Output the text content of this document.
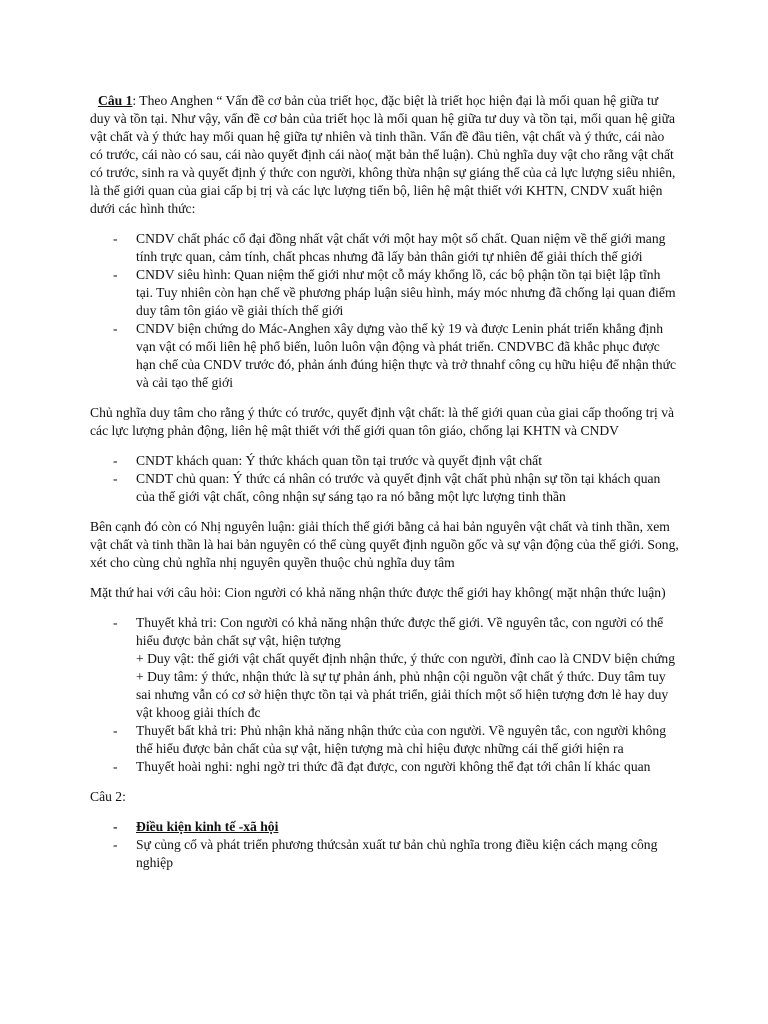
Câu 1: Theo Anghen “ Vấn đề cơ bản của triết học, đặc biệt là triết học hiện đại là mối quan hệ giữa tư duy và tồn tại. Như vậy, vấn đề cơ bản của triết học là mối quan hệ giữa tư duy và tồn tại, mối quan hệ giữa vật chất và ý thức hay mối quan hệ giữa tự nhiên và tinh thần. Vấn đề đầu tiên, vật chất và ý thức, cái nào có trước, cái nào có sau, cái nào quyết định cái nào( mặt bản thể luận). Chủ nghĩa duy vật cho rằng vật chất có trước, sinh ra và quyết định ý thức con người, không thừa nhận sự giáng thế của cả lực lượng siêu nhiên, là thế giới quan của giai cấp bị trị và các lực lượng tiến bộ, liên hệ mật thiết với KHTN, CNDV xuất hiện dưới các hình thức:

- CNDV chất phác cổ đại đồng nhất vật chất với một hay một số chất. Quan niệm về thế giới mang tính trực quan, cảm tính, chất phcas nhưng đã lấy bản thân giới tự nhiên để giải thích thế giới
- CNDV siêu hình: Quan niệm thế giới như một cỗ máy khổng lồ, các bộ phận tồn tại biệt lập tĩnh tại. Tuy nhiên còn hạn chế về phương pháp luận siêu hình, máy móc nhưng đã chống lại quan điểm duy tâm tôn giáo về giải thích thế giới
- CNDV biện chứng do Mác-Anghen xây dựng vào thế kỷ 19 và được Lenin phát triển khẳng định vạn vật có mối liên hệ phổ biến, luôn luôn vận động và phát triển. CNDVBC đã khắc phục được hạn chế của CNDV trước đó, phản ánh đúng hiện thực và trở thnahf công cụ hữu hiệu để nhận thức và cải tạo thế giới

Chủ nghĩa duy tâm cho rằng ý thức có trước, quyết định vật chất: là thế giới quan của giai cấp thoống trị và các lực lượng phản động, liên hệ mật thiết với thế giới quan tôn giáo, chống lại KHTN và CNDV

- CNDT khách quan: Ý thức khách quan tồn tại trước và quyết định vật chất
- CNDT chủ quan: Ý thức cá nhân có trước và quyết định vật chất phủ nhận sự tồn tại khách quan của thế giới vật chất, công nhận sự sáng tạo ra nó bằng một lực lượng tinh thần

Bên cạnh đó còn có Nhị nguyên luận: giải thích thế giới bằng cả hai bản nguyên vật chất và tinh thần, xem vật chất và tinh thần là hai bản nguyên có thể cùng quyết định nguồn gốc và sự vận động của thế giới. Song, xét cho cùng chủ nghĩa nhị nguyên quyền thuộc chủ nghĩa duy tâm

Mặt thứ hai với câu hỏi: Cion người có khả năng nhận thức được thế giới hay không( mặt nhận thức luận)

- Thuyết khả tri: Con người có khả năng nhận thức được thế giới. Về nguyên tắc, con người có thể hiểu được bản chất sự vật, hiện tượng
+ Duy vật: thế giới vật chất quyết định nhận thức, ý thức con người, đỉnh cao là CNDV biện chứng
+ Duy tâm: ý thức, nhận thức là sự tự phản ánh, phủ nhận cội nguồn vật chất ý thức. Duy tâm tuy sai nhưng vẫn có cơ sở hiện thực tồn tại và phát triển, giải thích một số hiện tượng đơn lẻ hay duy vật khoog giải thích đc
- Thuyết bất khả tri: Phủ nhận khả năng nhận thức của con người. Về nguyên tắc, con người không thể hiểu được bản chất của sự vật, hiện tượng mà chỉ hiệu được những cái thế giới hiện ra
- Thuyết hoài nghi: nghi ngờ tri thức đã đạt được, con người không thể đạt tới chân lí khác quan

Câu 2:

- Điều kiện kinh tế -xã hội
- Sự củng cố và phát triển phương thứcsản xuất tư bản chủ nghĩa trong điều kiện cách mạng công nghiệp
